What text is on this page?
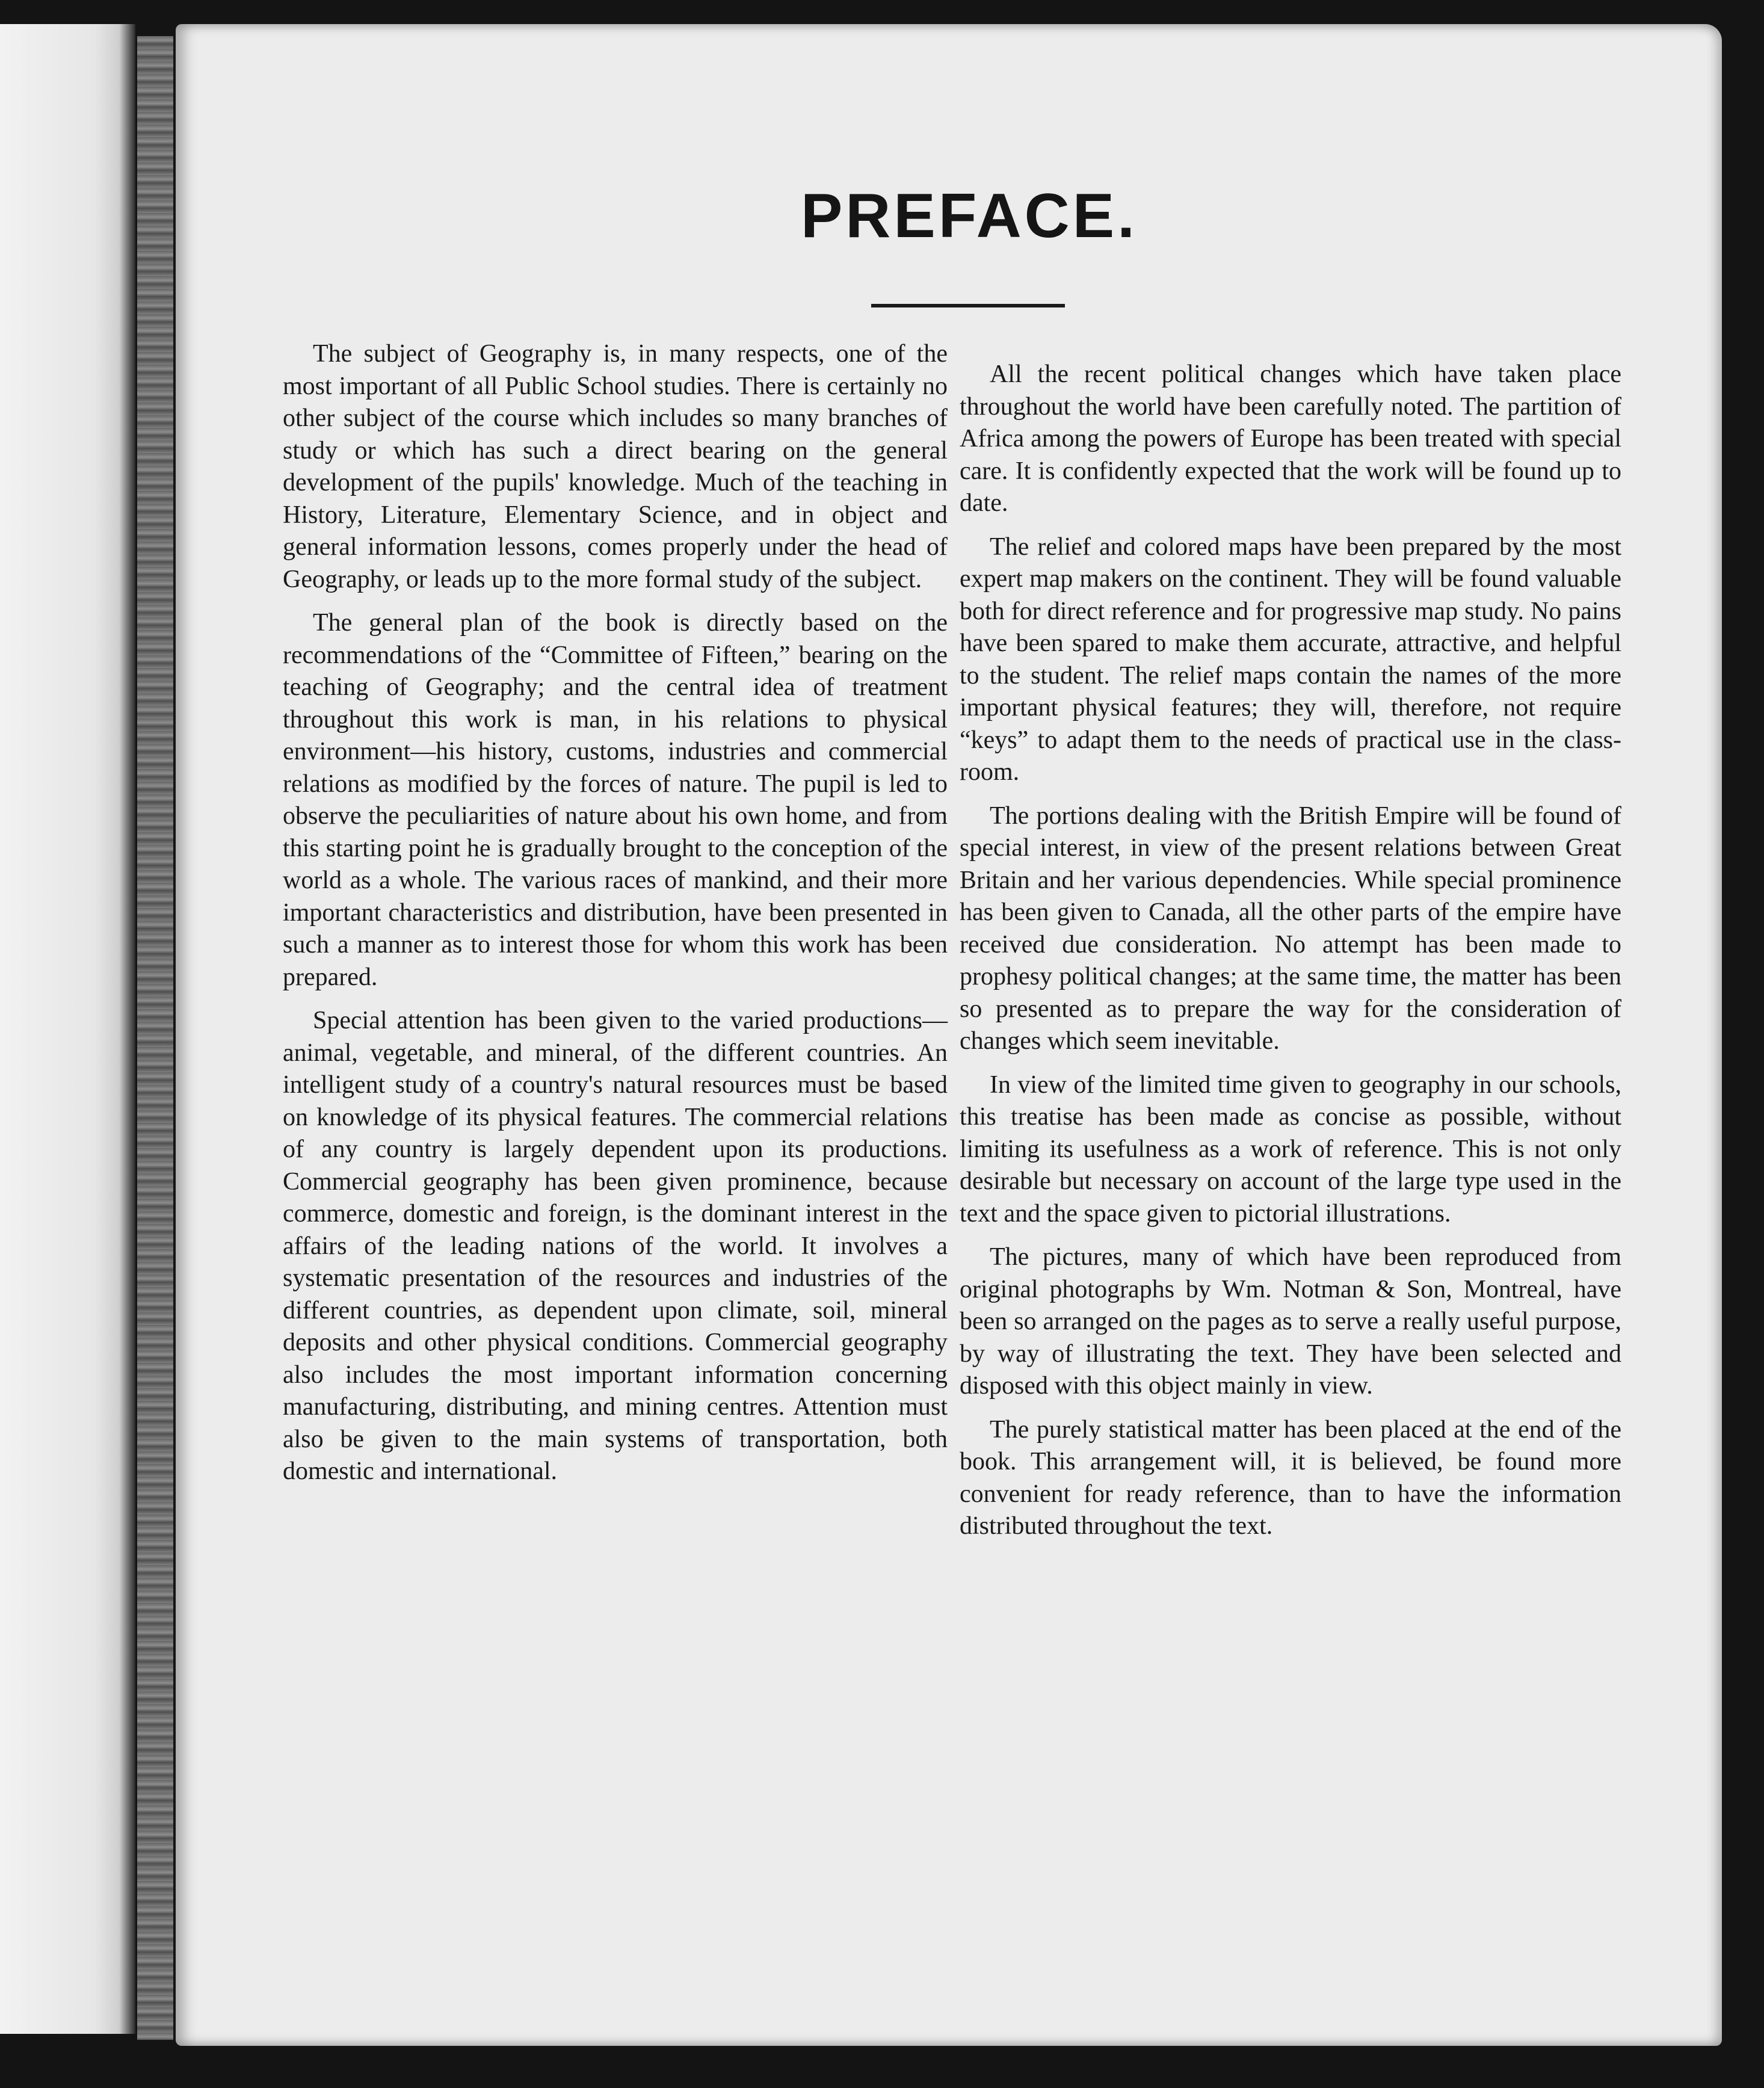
PREFACE.

The subject of Geography is, in many respects, one of the most important of all Public School studies. There is certainly no other subject of the course which includes so many branches of study or which has such a direct bearing on the general development of the pupils' knowledge. Much of the teaching in History, Literature, Elementary Science, and in object and general information lessons, comes properly under the head of Geography, or leads up to the more formal study of the subject.

The general plan of the book is directly based on the recommendations of the “Committee of Fifteen,” bearing on the teaching of Geography; and the central idea of treatment throughout this work is man, in his relations to physical environment—his history, customs, industries and commercial relations as modified by the forces of nature. The pupil is led to observe the peculiarities of nature about his own home, and from this starting point he is gradually brought to the conception of the world as a whole. The various races of mankind, and their more important characteristics and distribution, have been presented in such a manner as to interest those for whom this work has been prepared.

Special attention has been given to the varied productions—animal, vegetable, and mineral, of the different countries. An intelligent study of a country's natural resources must be based on knowledge of its physical features. The commercial relations of any country is largely dependent upon its productions. Commercial geography has been given prominence, because commerce, domestic and foreign, is the dominant interest in the affairs of the leading nations of the world. It involves a systematic presentation of the resources and industries of the different countries, as dependent upon climate, soil, mineral deposits and other physical conditions. Commercial geography also includes the most important information concerning manufacturing, distributing, and mining centres. Attention must also be given to the main systems of transportation, both domestic and international.

All the recent political changes which have taken place throughout the world have been carefully noted. The partition of Africa among the powers of Europe has been treated with special care. It is confidently expected that the work will be found up to date.

The relief and colored maps have been prepared by the most expert map makers on the continent. They will be found valuable both for direct reference and for progressive map study. No pains have been spared to make them accurate, attractive, and helpful to the student. The relief maps contain the names of the more important physical features; they will, therefore, not require “keys” to adapt them to the needs of practical use in the class-room.

The portions dealing with the British Empire will be found of special interest, in view of the present relations between Great Britain and her various dependencies. While special prominence has been given to Canada, all the other parts of the empire have received due consideration. No attempt has been made to prophesy political changes; at the same time, the matter has been so presented as to prepare the way for the consideration of changes which seem inevitable.

In view of the limited time given to geography in our schools, this treatise has been made as concise as possible, without limiting its usefulness as a work of reference. This is not only desirable but necessary on account of the large type used in the text and the space given to pictorial illustrations.

The pictures, many of which have been reproduced from original photographs by Wm. Notman & Son, Montreal, have been so arranged on the pages as to serve a really useful purpose, by way of illustrating the text. They have been selected and disposed with this object mainly in view.

The purely statistical matter has been placed at the end of the book. This arrangement will, it is believed, be found more convenient for ready reference, than to have the information distributed throughout the text.
